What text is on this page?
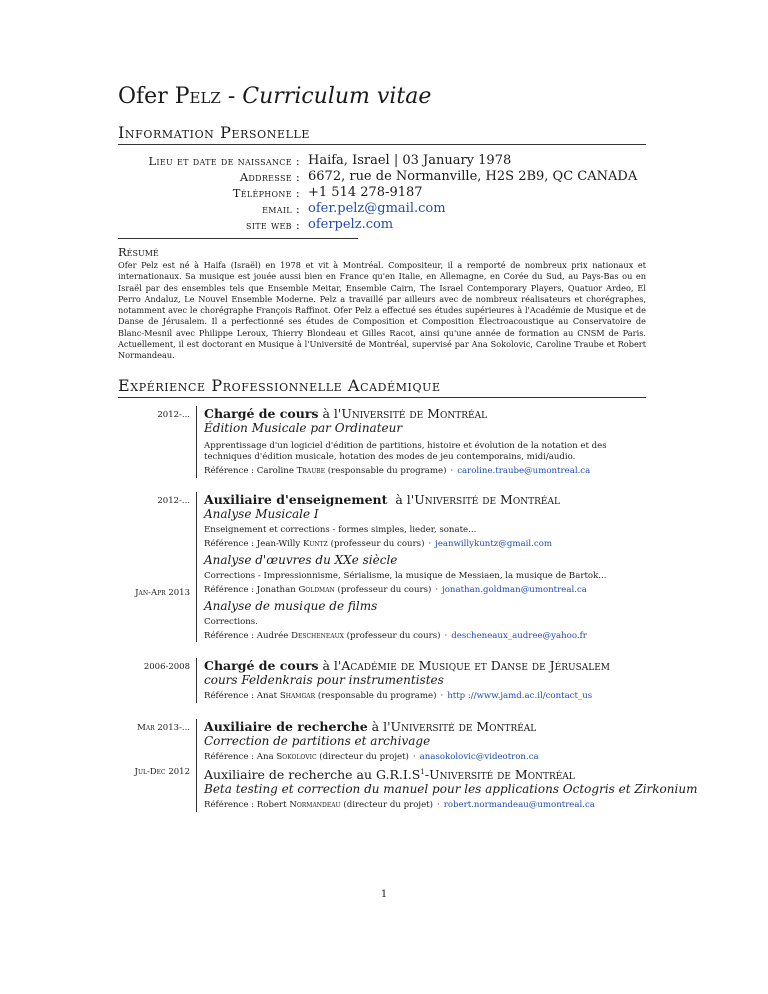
Ofer Pelz - Curriculum vitae
Information Personelle
Lieu et date de naissance : Haifa, Israel | 03 January 1978
Addresse : 6672, rue de Normanville, H2S 2B9, QC CANADA
Téléphone : +1 514 278-9187
email : ofer.pelz@gmail.com
site web : oferpelz.com
Résumé
Ofer Pelz est né à Haifa (Israël) en 1978 et vit à Montréal. Compositeur, il a remporté de nombreux prix nationaux et internationaux. Sa musique est jouée aussi bien en France qu'en Italie, en Allemagne, en Corée du Sud, au Pays-Bas ou en Israël par des ensembles tels que Ensemble Meitar, Ensemble Cairn, The Israel Contemporary Players, Quatuor Ardeo, El Perro Andaluz, Le Nouvel Ensemble Moderne. Pelz a travaillé par ailleurs avec de nombreux réalisateurs et chorégraphes, notamment avec le chorégraphe François Raffinot. Ofer Pelz a effectué ses études supérieures à l'Académie de Musique et de Danse de Jérusalem. Il a perfectionné ses études de Composition et Composition Électroacoustique au Conservatoire de Blanc-Mesnil avec Philippe Leroux, Thierry Blondeau et Gilles Racot, ainsi qu'une année de formation au CNSM de Paris. Actuellement, il est doctorant en Musique à l'Université de Montréal, supervisé par Ana Sokolovic, Caroline Traube et Robert Normandeau.
Expérience Professionnelle Académique
2012-... Chargé de cours à l'Université de Montréal
Édition Musicale par Ordinateur
Apprentissage d'un logiciel d'édition de partitions, histoire et évolution de la notation et des techniques d'édition musicale, hotation des modes de jeu contemporains, midi/audio.
Référence : Caroline Traube (responsable du programe) · caroline.traube@umontreal.ca
2012-...
Jan-Apr 2013
Auxiliaire d'enseignement  à l'Université de Montréal
Analyse Musicale I
Enseignement et corrections - formes simples, lieder, sonate...
Référence : Jean-Willy Kuntz (professeur du cours) · jeanwillykuntz@gmail.com
Analyse d'œuvres du XXe siècle
Corrections - Impressionnisme, Sérialisme, la musique de Messiaen, la musique de Bartok...
Référence : Jonathan Goldman (professeur du cours) · jonathan.goldman@umontreal.ca
Analyse de musique de films
Corrections.
Référence : Audrée Descheneaux (professeur du cours) · descheneaux_audree@yahoo.fr
2006-2008 Chargé de cours à l'Académie de Musique et Danse de Jérusalem
cours Feldenkrais pour instrumentistes
Référence : Anat Shamgar (responsable du programe) · http ://www.jamd.ac.il/contact_us
Mar 2013-...
Jul-Dec 2012
Auxiliaire de recherche à l'Université de Montréal
Correction de partitions et archivage
Référence : Ana Sokolovic (directeur du projet) · anasokolovic@videotron.ca
Auxiliaire de recherche au $G.R.I.S^1$-Université de Montréal
Beta testing et correction du manuel pour les applications Octogris et Zirkonium
Référence : Robert Normandeau (directeur du projet) · robert.normandeau@umontreal.ca
1
